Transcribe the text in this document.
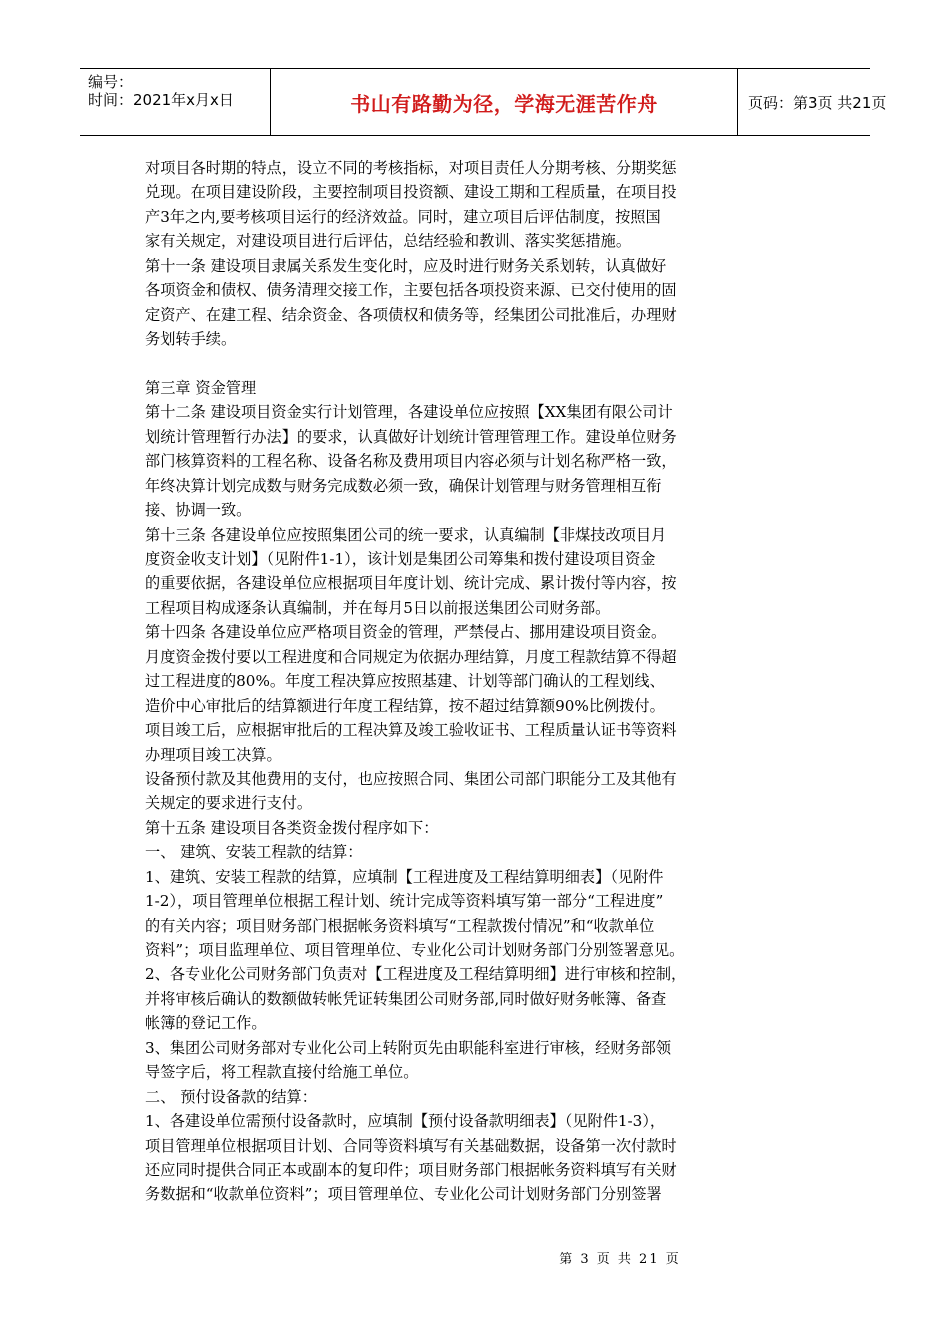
编号：
时间：2021年x月x日	书山有路勤为径，学海无涯苦作舟	页码：第3页 共21页
对项目各时期的特点，设立不同的考核指标，对项目责任人分期考核、分期奖惩
兑现。在项目建设阶段，主要控制项目投资额、建设工期和工程质量，在项目投
产3年之内,要考核项目运行的经济效益。同时，建立项目后评估制度，按照国
家有关规定，对建设项目进行后评估，总结经验和教训、落实奖惩措施。
第十一条 建设项目隶属关系发生变化时，应及时进行财务关系划转，认真做好
各项资金和债权、债务清理交接工作，主要包括各项投资来源、已交付使用的固
定资产、在建工程、结余资金、各项债权和债务等，经集团公司批准后，办理财
务划转手续。
第三章 资金管理
第十二条 建设项目资金实行计划管理，各建设单位应按照【XX集团有限公司计
划统计管理暂行办法】的要求，认真做好计划统计管理管理工作。建设单位财务
部门核算资料的工程名称、设备名称及费用项目内容必须与计划名称严格一致，
年终决算计划完成数与财务完成数必须一致，确保计划管理与财务管理相互衔
接、协调一致。
第十三条 各建设单位应按照集团公司的统一要求，认真编制【非煤技改项目月
度资金收支计划】（见附件1-1），该计划是集团公司筹集和拨付建设项目资金
的重要依据，各建设单位应根据项目年度计划、统计完成、累计拨付等内容，按
工程项目构成逐条认真编制，并在每月5日以前报送集团公司财务部。
第十四条 各建设单位应严格项目资金的管理，严禁侵占、挪用建设项目资金。
月度资金拨付要以工程进度和合同规定为依据办理结算，月度工程款结算不得超
过工程进度的80%。年度工程决算应按照基建、计划等部门确认的工程划线、
造价中心审批后的结算额进行年度工程结算，按不超过结算额90%比例拨付。
项目竣工后，应根据审批后的工程决算及竣工验收证书、工程质量认证书等资料
办理项目竣工决算。
设备预付款及其他费用的支付，也应按照合同、集团公司部门职能分工及其他有
关规定的要求进行支付。
第十五条 建设项目各类资金拨付程序如下：
一、 建筑、安装工程款的结算：
1、建筑、安装工程款的结算，应填制【工程进度及工程结算明细表】（见附件
1-2），项目管理单位根据工程计划、统计完成等资料填写第一部分“工程进度”
的有关内容；项目财务部门根据帐务资料填写“工程款拨付情况”和“收款单位
资料”；项目监理单位、项目管理单位、专业化公司计划财务部门分别签署意见。
2、各专业化公司财务部门负责对【工程进度及工程结算明细】进行审核和控制，
并将审核后确认的数额做转帐凭证转集团公司财务部,同时做好财务帐簿、备查
帐簿的登记工作。
3、集团公司财务部对专业化公司上转附页先由职能科室进行审核，经财务部领
导签字后，将工程款直接付给施工单位。
二、 预付设备款的结算：
1、各建设单位需预付设备款时，应填制【预付设备款明细表】（见附件1-3），
项目管理单位根据项目计划、合同等资料填写有关基础数据，设备第一次付款时
还应同时提供合同正本或副本的复印件；项目财务部门根据帐务资料填写有关财
务数据和“收款单位资料”；项目管理单位、专业化公司计划财务部门分别签署
第 3 页 共 21 页
